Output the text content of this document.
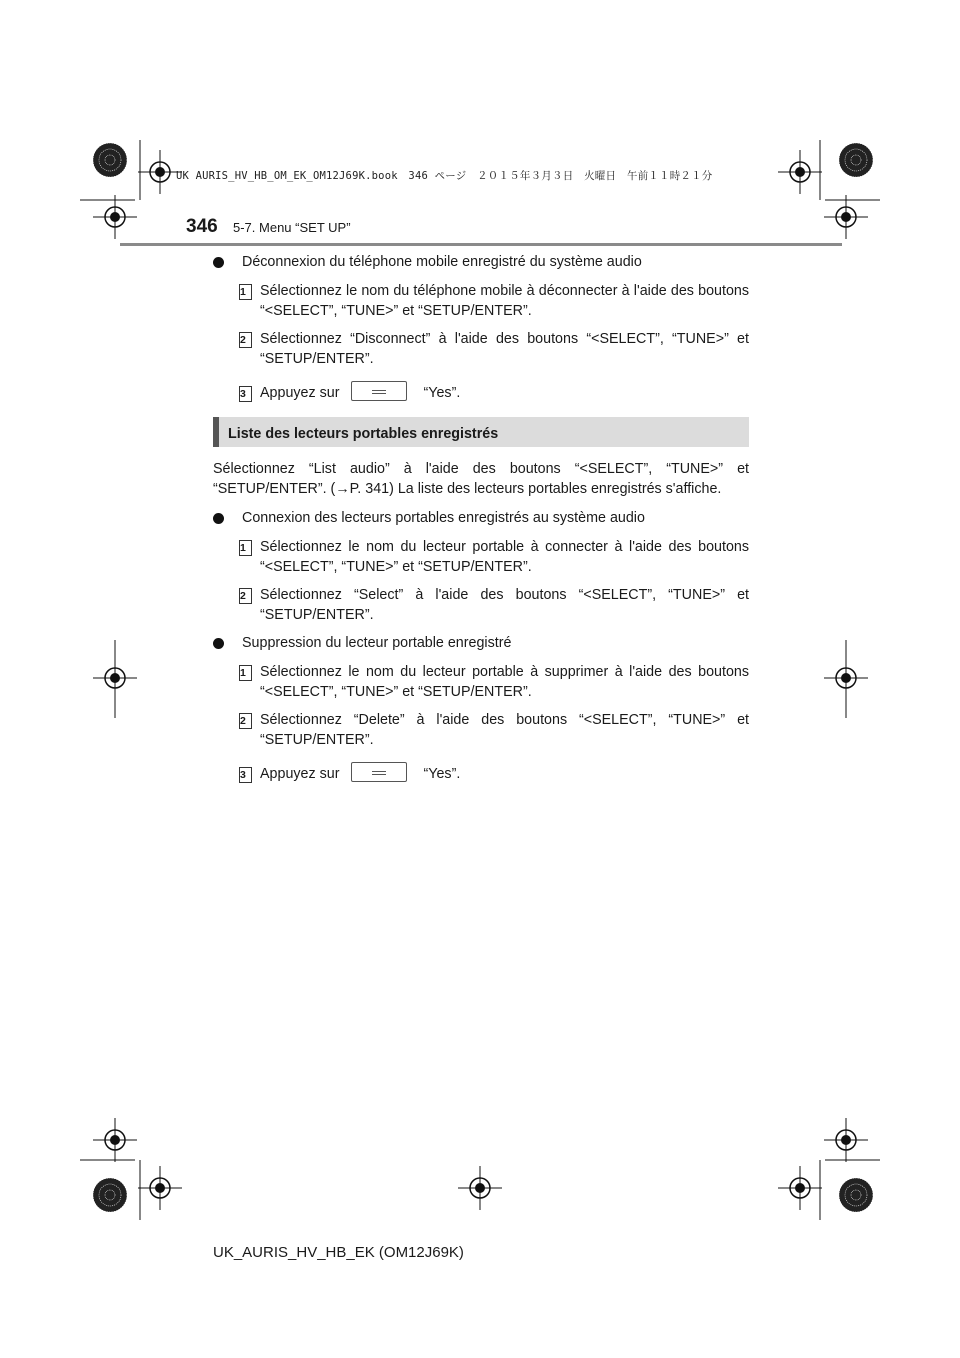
UK AURIS_HV_HB_OM_EK_OM12J69K.book　346 ページ　２０１５年３月３日　火曜日　午前１１時２１分
346 5-7. Menu “SET UP”
Déconnexion du téléphone mobile enregistré du système audio
1 Sélectionnez le nom du téléphone mobile à déconnecter à l'aide des boutons “<SELECT”, “TUNE>” et “SETUP/ENTER”.
2 Sélectionnez “Disconnect” à l'aide des boutons “<SELECT”, “TUNE>” et “SETUP/ENTER”.
3 Appuyez sur	“Yes”.
Liste des lecteurs portables enregistrés
Sélectionnez “List audio” à l'aide des boutons “<SELECT”, “TUNE>” et “SETUP/ENTER”. (→P. 341) La liste des lecteurs portables enregistrés s'affiche.
Connexion des lecteurs portables enregistrés au système audio
1 Sélectionnez le nom du lecteur portable à connecter à l'aide des boutons “<SELECT”, “TUNE>” et “SETUP/ENTER”.
2 Sélectionnez “Select” à l'aide des boutons “<SELECT”, “TUNE>” et “SETUP/ENTER”.
Suppression du lecteur portable enregistré
1 Sélectionnez le nom du lecteur portable à supprimer à l'aide des boutons “<SELECT”, “TUNE>” et “SETUP/ENTER”.
2 Sélectionnez “Delete” à l'aide des boutons “<SELECT”, “TUNE>” et “SETUP/ENTER”.
3 Appuyez sur	“Yes”.
UK_AURIS_HV_HB_EK (OM12J69K)
